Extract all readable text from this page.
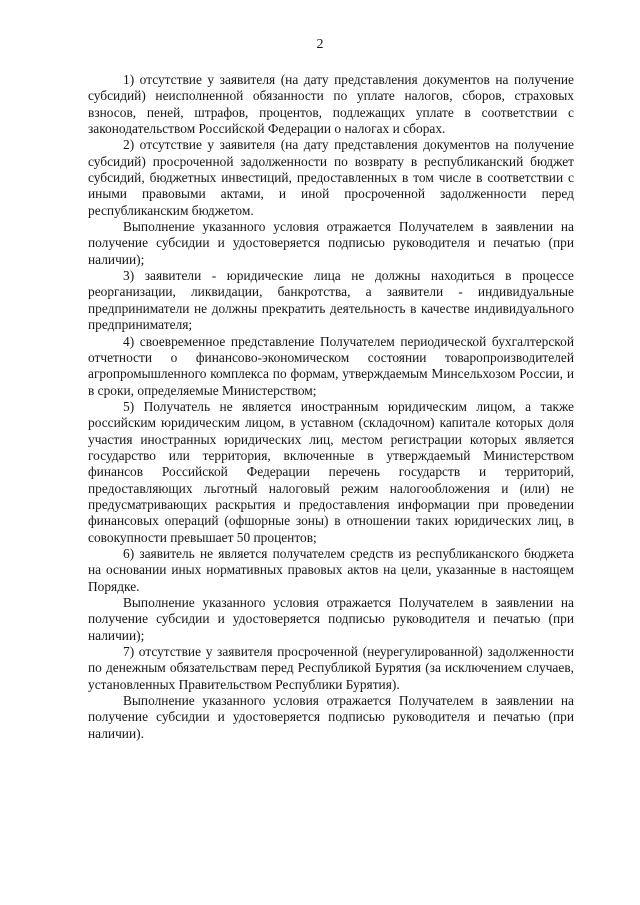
2

1) отсутствие у заявителя (на дату представления документов на получение субсидий) неисполненной обязанности по уплате налогов, сборов, страховых взносов, пеней, штрафов, процентов, подлежащих уплате в соответствии с законодательством Российской Федерации о налогах и сборах.

2) отсутствие у заявителя (на дату представления документов на получение субсидий) просроченной задолженности по возврату в республиканский бюджет субсидий, бюджетных инвестиций, предоставленных в том числе в соответствии с иными правовыми актами, и иной просроченной задолженности перед республиканским бюджетом.

Выполнение указанного условия отражается Получателем в заявлении на получение субсидии и удостоверяется подписью руководителя и печатью (при наличии);

3) заявители - юридические лица не должны находиться в процессе реорганизации, ликвидации, банкротства, а заявители - индивидуальные предприниматели не должны прекратить деятельность в качестве индивидуального предпринимателя;

4) своевременное представление Получателем периодической бухгалтерской отчетности о финансово-экономическом состоянии товаропроизводителей агропромышленного комплекса по формам, утверждаемым Минсельхозом России, и в сроки, определяемые Министерством;

5) Получатель не является иностранным юридическим лицом, а также российским юридическим лицом, в уставном (складочном) капитале которых доля участия иностранных юридических лиц, местом регистрации которых является государство или территория, включенные в утверждаемый Министерством финансов Российской Федерации перечень государств и территорий, предоставляющих льготный налоговый режим налогообложения и (или) не предусматривающих раскрытия и предоставления информации при проведении финансовых операций (офшорные зоны) в отношении таких юридических лиц, в совокупности превышает 50 процентов;

6) заявитель не является получателем средств из республиканского бюджета на основании иных нормативных правовых актов на цели, указанные в настоящем Порядке.

Выполнение указанного условия отражается Получателем в заявлении на получение субсидии и удостоверяется подписью руководителя и печатью (при наличии);

7) отсутствие у заявителя просроченной (неурегулированной) задолженности по денежным обязательствам перед Республикой Бурятия (за исключением случаев, установленных Правительством Республики Бурятия).

Выполнение указанного условия отражается Получателем в заявлении на получение субсидии и удостоверяется подписью руководителя и печатью (при наличии).
